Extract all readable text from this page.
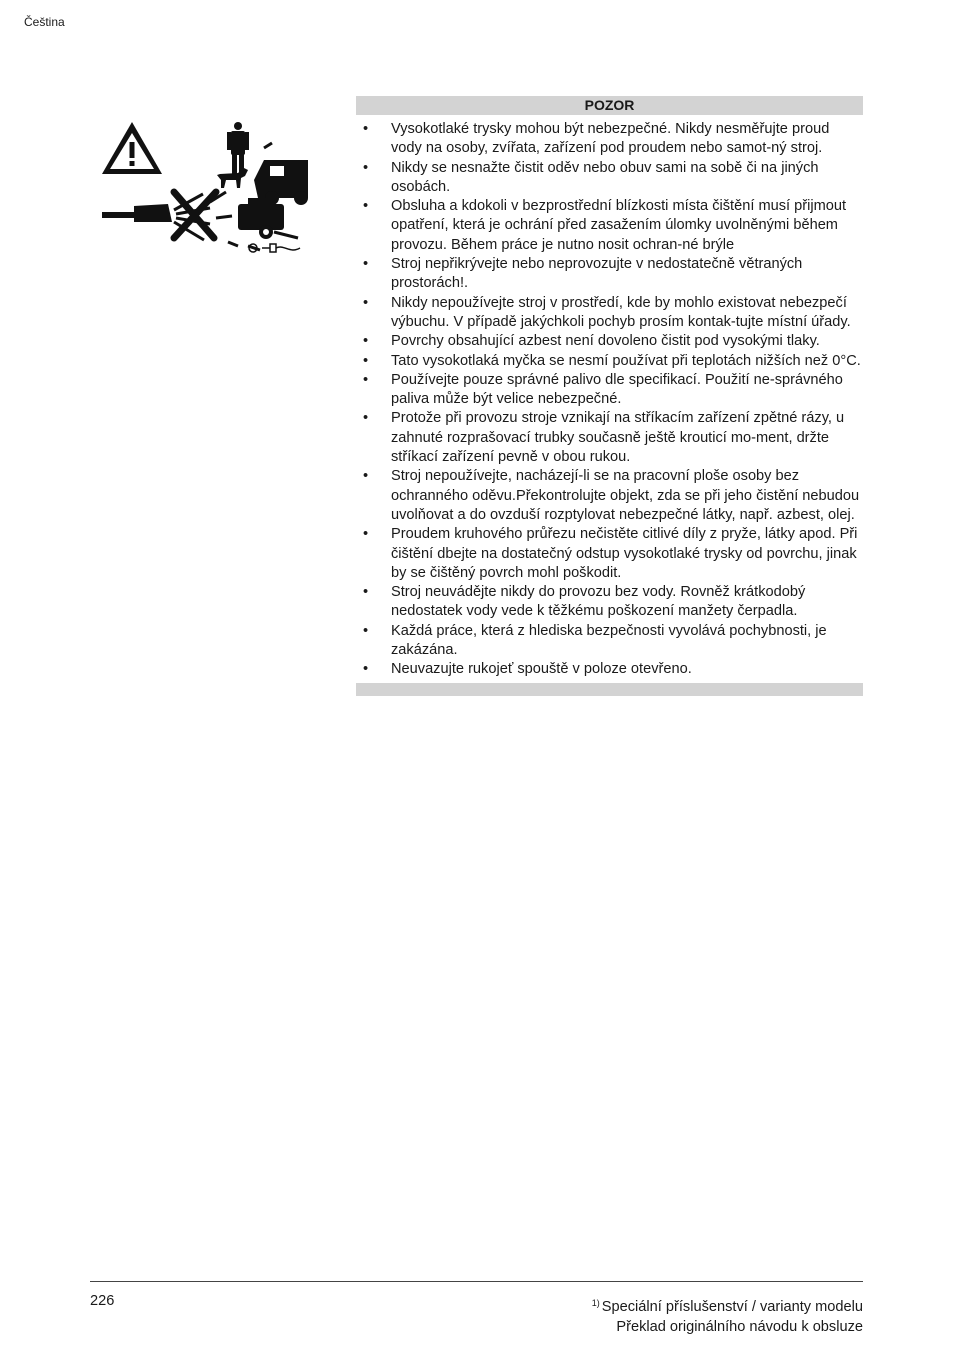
Čeština
POZOR
• Vysokotlaké trysky mohou být nebezpečné. Nikdy nesměřujte proud vody na osoby, zvířata, zařízení pod proudem nebo samot-ný stroj.
• Nikdy se nesnažte čistit oděv nebo obuv sami na sobě či na jiných osobách.
• Obsluha a kdokoli v bezprostřední blízkosti místa čištění musí přijmout opatření, která je ochrání před zasažením úlomky uvolněnými během provozu. Během práce je nutno nosit ochran-né brýle
• Stroj nepřikrývejte nebo neprovozujte v nedostatečně větraných prostorách!.
• Nikdy nepoužívejte stroj v prostředí, kde by mohlo existovat nebezpečí výbuchu. V případě jakýchkoli pochyb prosím kontak-tujte místní úřady.
• Povrchy obsahující azbest není dovoleno čistit pod vysokými tlaky.
• Tato vysokotlaká myčka se nesmí používat při teplotách nižších než 0°C.
• Používejte pouze správné palivo dle specifikací. Použití ne-správného paliva může být velice nebezpečné.
• Protože při provozu stroje vznikají na stříkacím zařízení zpětné rázy, u zahnuté rozprašovací trubky současně ještě krouticí mo-ment, držte stříkací zařízení pevně v obou rukou.
• Stroj nepoužívejte, nacházejí-li se na pracovní ploše osoby bez ochranného oděvu.Překontrolujte objekt, zda se při jeho čistění nebudou uvolňovat a do ovzduší rozptylovat nebezpečné látky, např. azbest, olej.
• Proudem kruhového průřezu nečistěte citlivé díly z pryže, látky apod. Při čištění dbejte na dostatečný odstup vysokotlaké trysky od povrchu, jinak by se čištěný povrch mohl poškodit.
• Stroj neuvádějte nikdy do provozu bez vody. Rovněž krátkodobý nedostatek vody vede k těžkému poškození manžety čerpadla.
• Každá práce, která z hlediska bezpečnosti vyvolává pochybnosti, je zakázána.
• Neuvazujte rukojeť spouště v poloze otevřeno.
226	$^{1)}$ Speciální příslušenství / varianty modelu
Překlad originálního návodu k obsluze
